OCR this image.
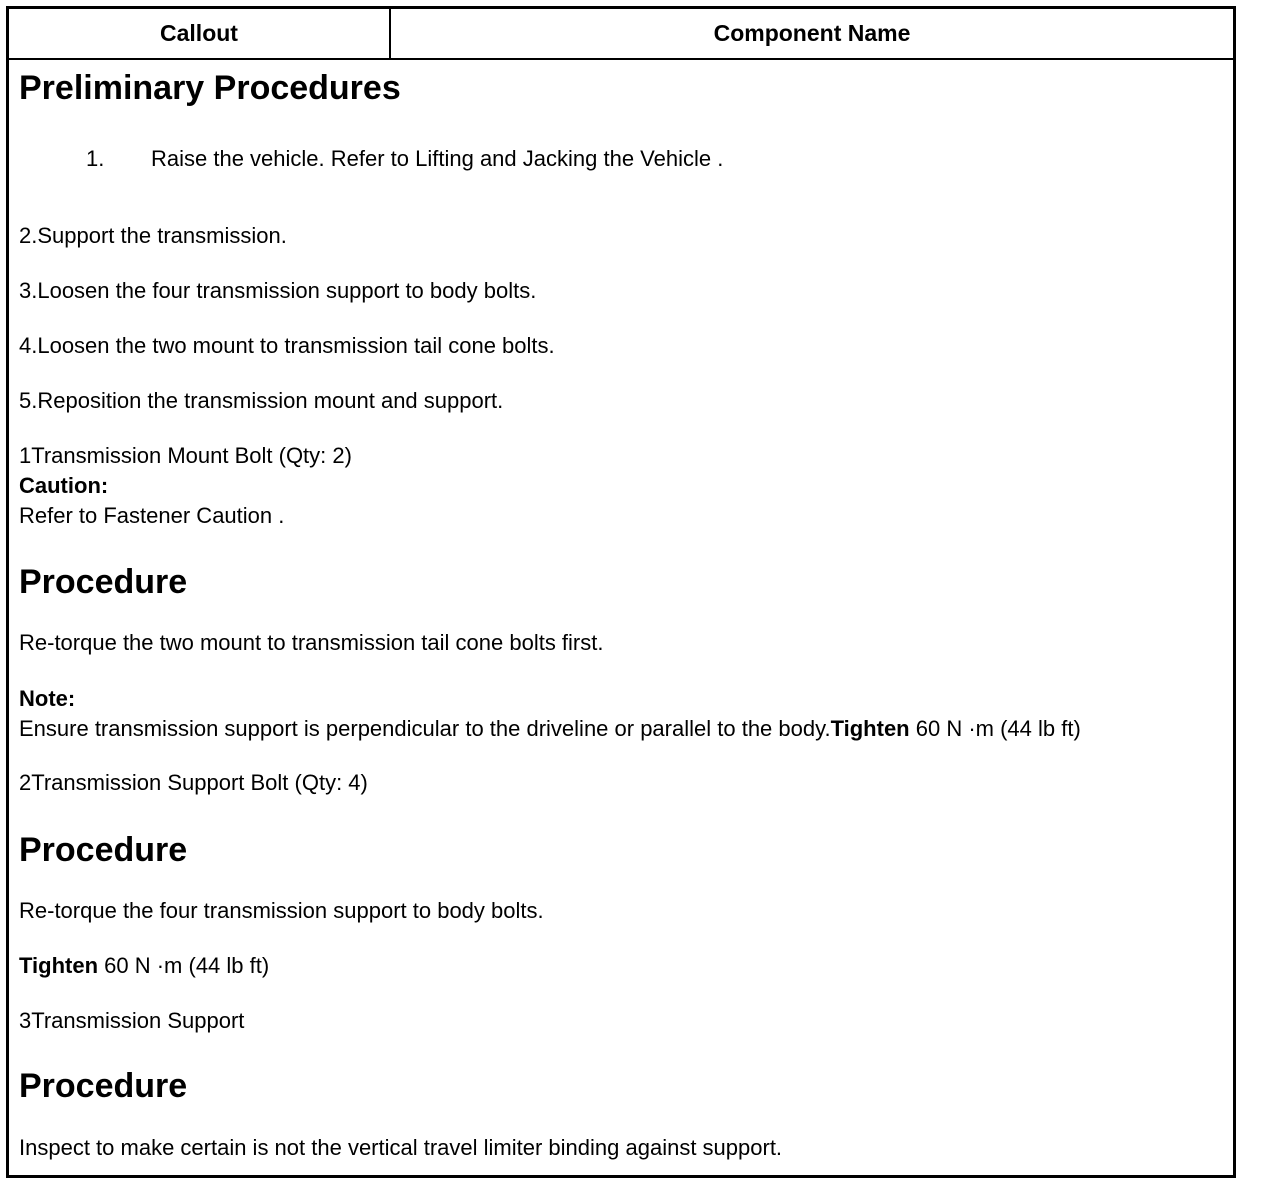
Callout	Component Name
Preliminary Procedures
1. Raise the vehicle. Refer to Lifting and Jacking the Vehicle .
2.Support the transmission.
3.Loosen the four transmission support to body bolts.
4.Loosen the two mount to transmission tail cone bolts.
5.Reposition the transmission mount and support.
1Transmission Mount Bolt (Qty: 2)
Caution:
Refer to Fastener Caution .
Procedure
Re-torque the two mount to transmission tail cone bolts first.
Note:
Ensure transmission support is perpendicular to the driveline or parallel to the body.Tighten 60 N ·m (44 lb ft)
2Transmission Support Bolt (Qty: 4)
Procedure
Re-torque the four transmission support to body bolts.
Tighten 60 N ·m (44 lb ft)
3Transmission Support
Procedure
Inspect to make certain is not the vertical travel limiter binding against support.
